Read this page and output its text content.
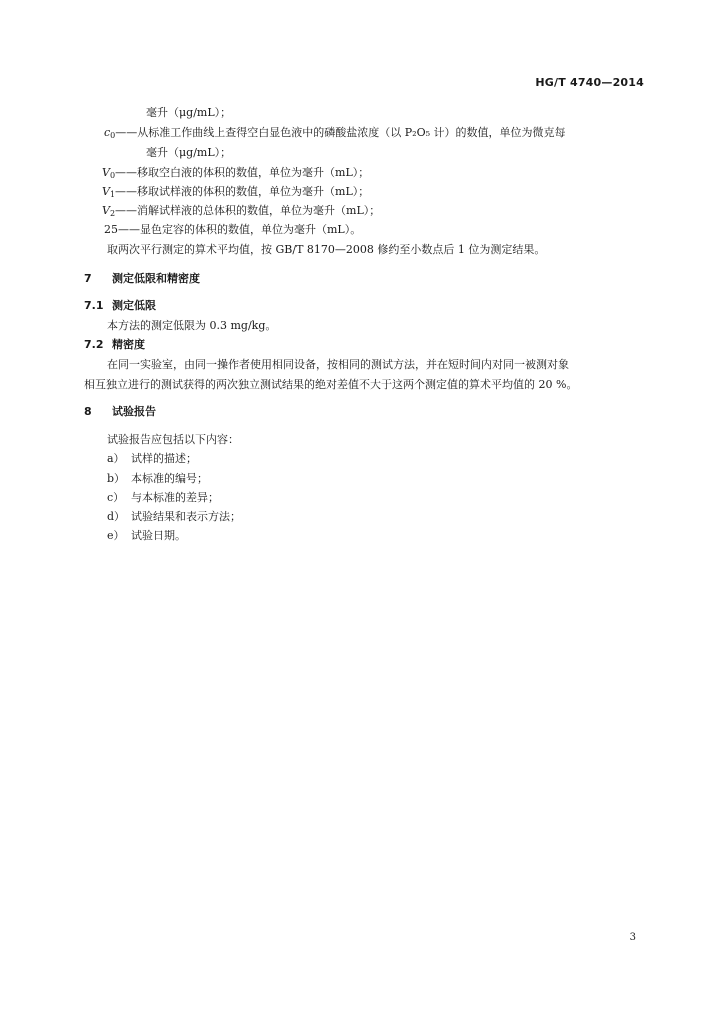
HG/T 4740—2014
毫升（μg/mL）；
$c_0——$从标准工作曲线上查得空白显色液中的磷酸盐浓度（以 P₂O₅ 计）的数值，单位为微克每
毫升（μg/mL）；
$V_0——$移取空白液的体积的数值，单位为毫升（mL）；
$V_1——$移取试样液的体积的数值，单位为毫升（mL）；
$V_2——$消解试样液的总体积的数值，单位为毫升（mL）；
25——显色定容的体积的数值，单位为毫升（mL）。
取两次平行测定的算术平均值，按 GB/T 8170—2008 修约至小数点后 1 位为测定结果。
7 测定低限和精密度
7.1 测定低限
本方法的测定低限为 0.3 mg/kg。
7.2 精密度
在同一实验室，由同一操作者使用相同设备，按相同的测试方法，并在短时间内对同一被测对象
相互独立进行的测试获得的两次独立测试结果的绝对差值不大于这两个测定值的算术平均值的 20 %。
8 试验报告
试验报告应包括以下内容：
a） 试样的描述；
b） 本标准的编号；
c） 与本标准的差异；
d） 试验结果和表示方法；
e） 试验日期。
3
